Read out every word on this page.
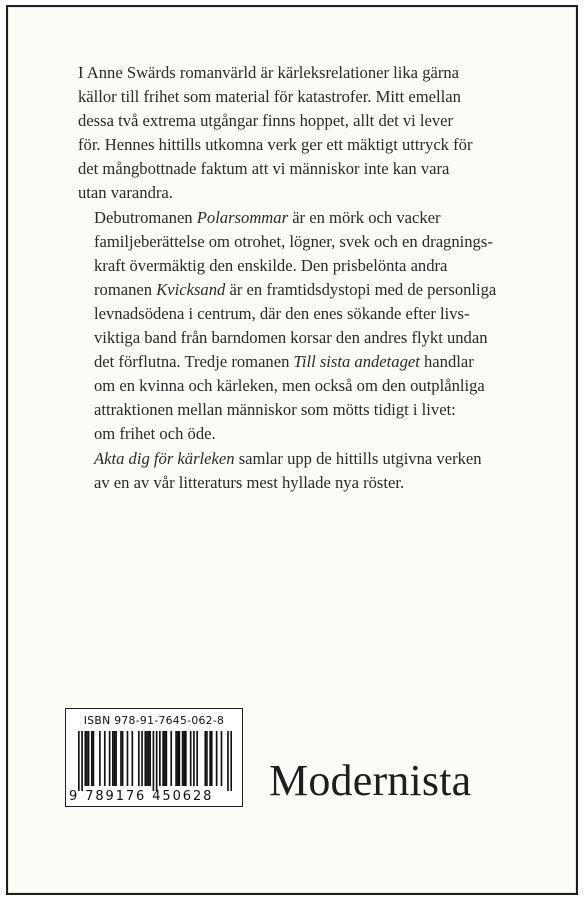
I Anne Swärds romanvärld är kärleksrelationer lika gärna
källor till frihet som material för katastrofer. Mitt emellan
dessa två extrema utgångar finns hoppet, allt det vi lever
för. Hennes hittills utkomna verk ger ett mäktigt uttryck för
det mångbottnade faktum att vi människor inte kan vara
utan varandra.

Debutromanen Polarsommar är en mörk och vacker
familjeberättelse om otrohet, lögner, svek och en dragnings-
kraft övermäktig den enskilde. Den prisbelönta andra
romanen Kvicksand är en framtidsdystopi med de personliga
levnadsödena i centrum, där den enes sökande efter livs-
viktiga band från barndomen korsar den andres flykt undan
det förflutna. Tredje romanen Till sista andetaget handlar
om en kvinna och kärleken, men också om den outplånliga
attraktionen mellan människor som mötts tidigt i livet:
om frihet och öde.

Akta dig för kärleken samlar upp de hittills utgivna verken
av en av vår litteraturs mest hyllade nya röster.

ISBN 978-91-7645-062-8
9 789176 450628	Modernista
